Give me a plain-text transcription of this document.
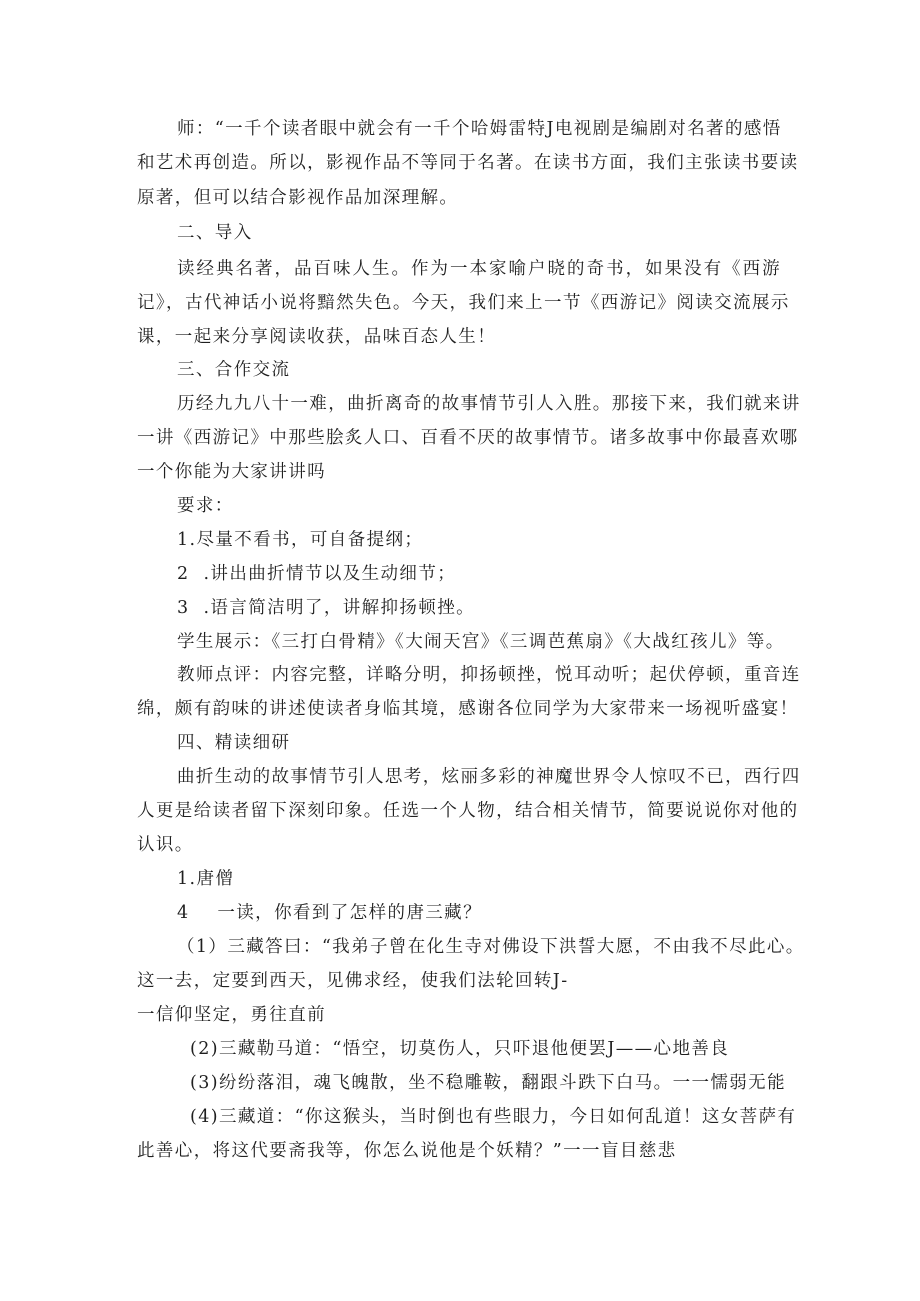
师：“一千个读者眼中就会有一千个哈姆雷特J电视剧是编剧对名著的感悟
和艺术再创造。所以，影视作品不等同于名著。在读书方面，我们主张读书要读
原著，但可以结合影视作品加深理解。
二、导入
读经典名著，品百味人生。作为一本家喻户晓的奇书，如果没有《西游
记》，古代神话小说将黯然失色。今天，我们来上一节《西游记》阅读交流展示
课，一起来分享阅读收获，品味百态人生！
三、合作交流
历经九九八十一难，曲折离奇的故事情节引人入胜。那接下来，我们就来讲
一讲《西游记》中那些脍炙人口、百看不厌的故事情节。诸多故事中你最喜欢哪
一个你能为大家讲讲吗
要求：
1.尽量不看书，可自备提纲；
2  .讲出曲折情节以及生动细节；
3  .语言简洁明了，讲解抑扬顿挫。
学生展示：《三打白骨精》《大闹天宫》《三调芭蕉扇》《大战红孩儿》等。
教师点评：内容完整，详略分明，抑扬顿挫，悦耳动听；起伏停顿，重音连
绵，颇有韵味的讲述使读者身临其境，感谢各位同学为大家带来一场视听盛宴！
四、精读细研
曲折生动的故事情节引人思考，炫丽多彩的神魔世界令人惊叹不已，西行四
人更是给读者留下深刻印象。任选一个人物，结合相关情节，简要说说你对他的
认识。
1.唐僧
4    一读，你看到了怎样的唐三藏？
（1）三藏答曰：“我弟子曾在化生寺对佛设下洪誓大愿，不由我不尽此心。
这一去，定要到西天，见佛求经，使我们法轮回转J-
一信仰坚定，勇往直前
(2)三藏勒马道：“悟空，切莫伤人，只吓退他便罢J——心地善良
(3)纷纷落泪，魂飞魄散，坐不稳雕鞍，翻跟斗跌下白马。一一懦弱无能
(4)三藏道：“你这猴头，当时倒也有些眼力，今日如何乱道！这女菩萨有
此善心，将这代要斋我等，你怎么说他是个妖精？”一一盲目慈悲
